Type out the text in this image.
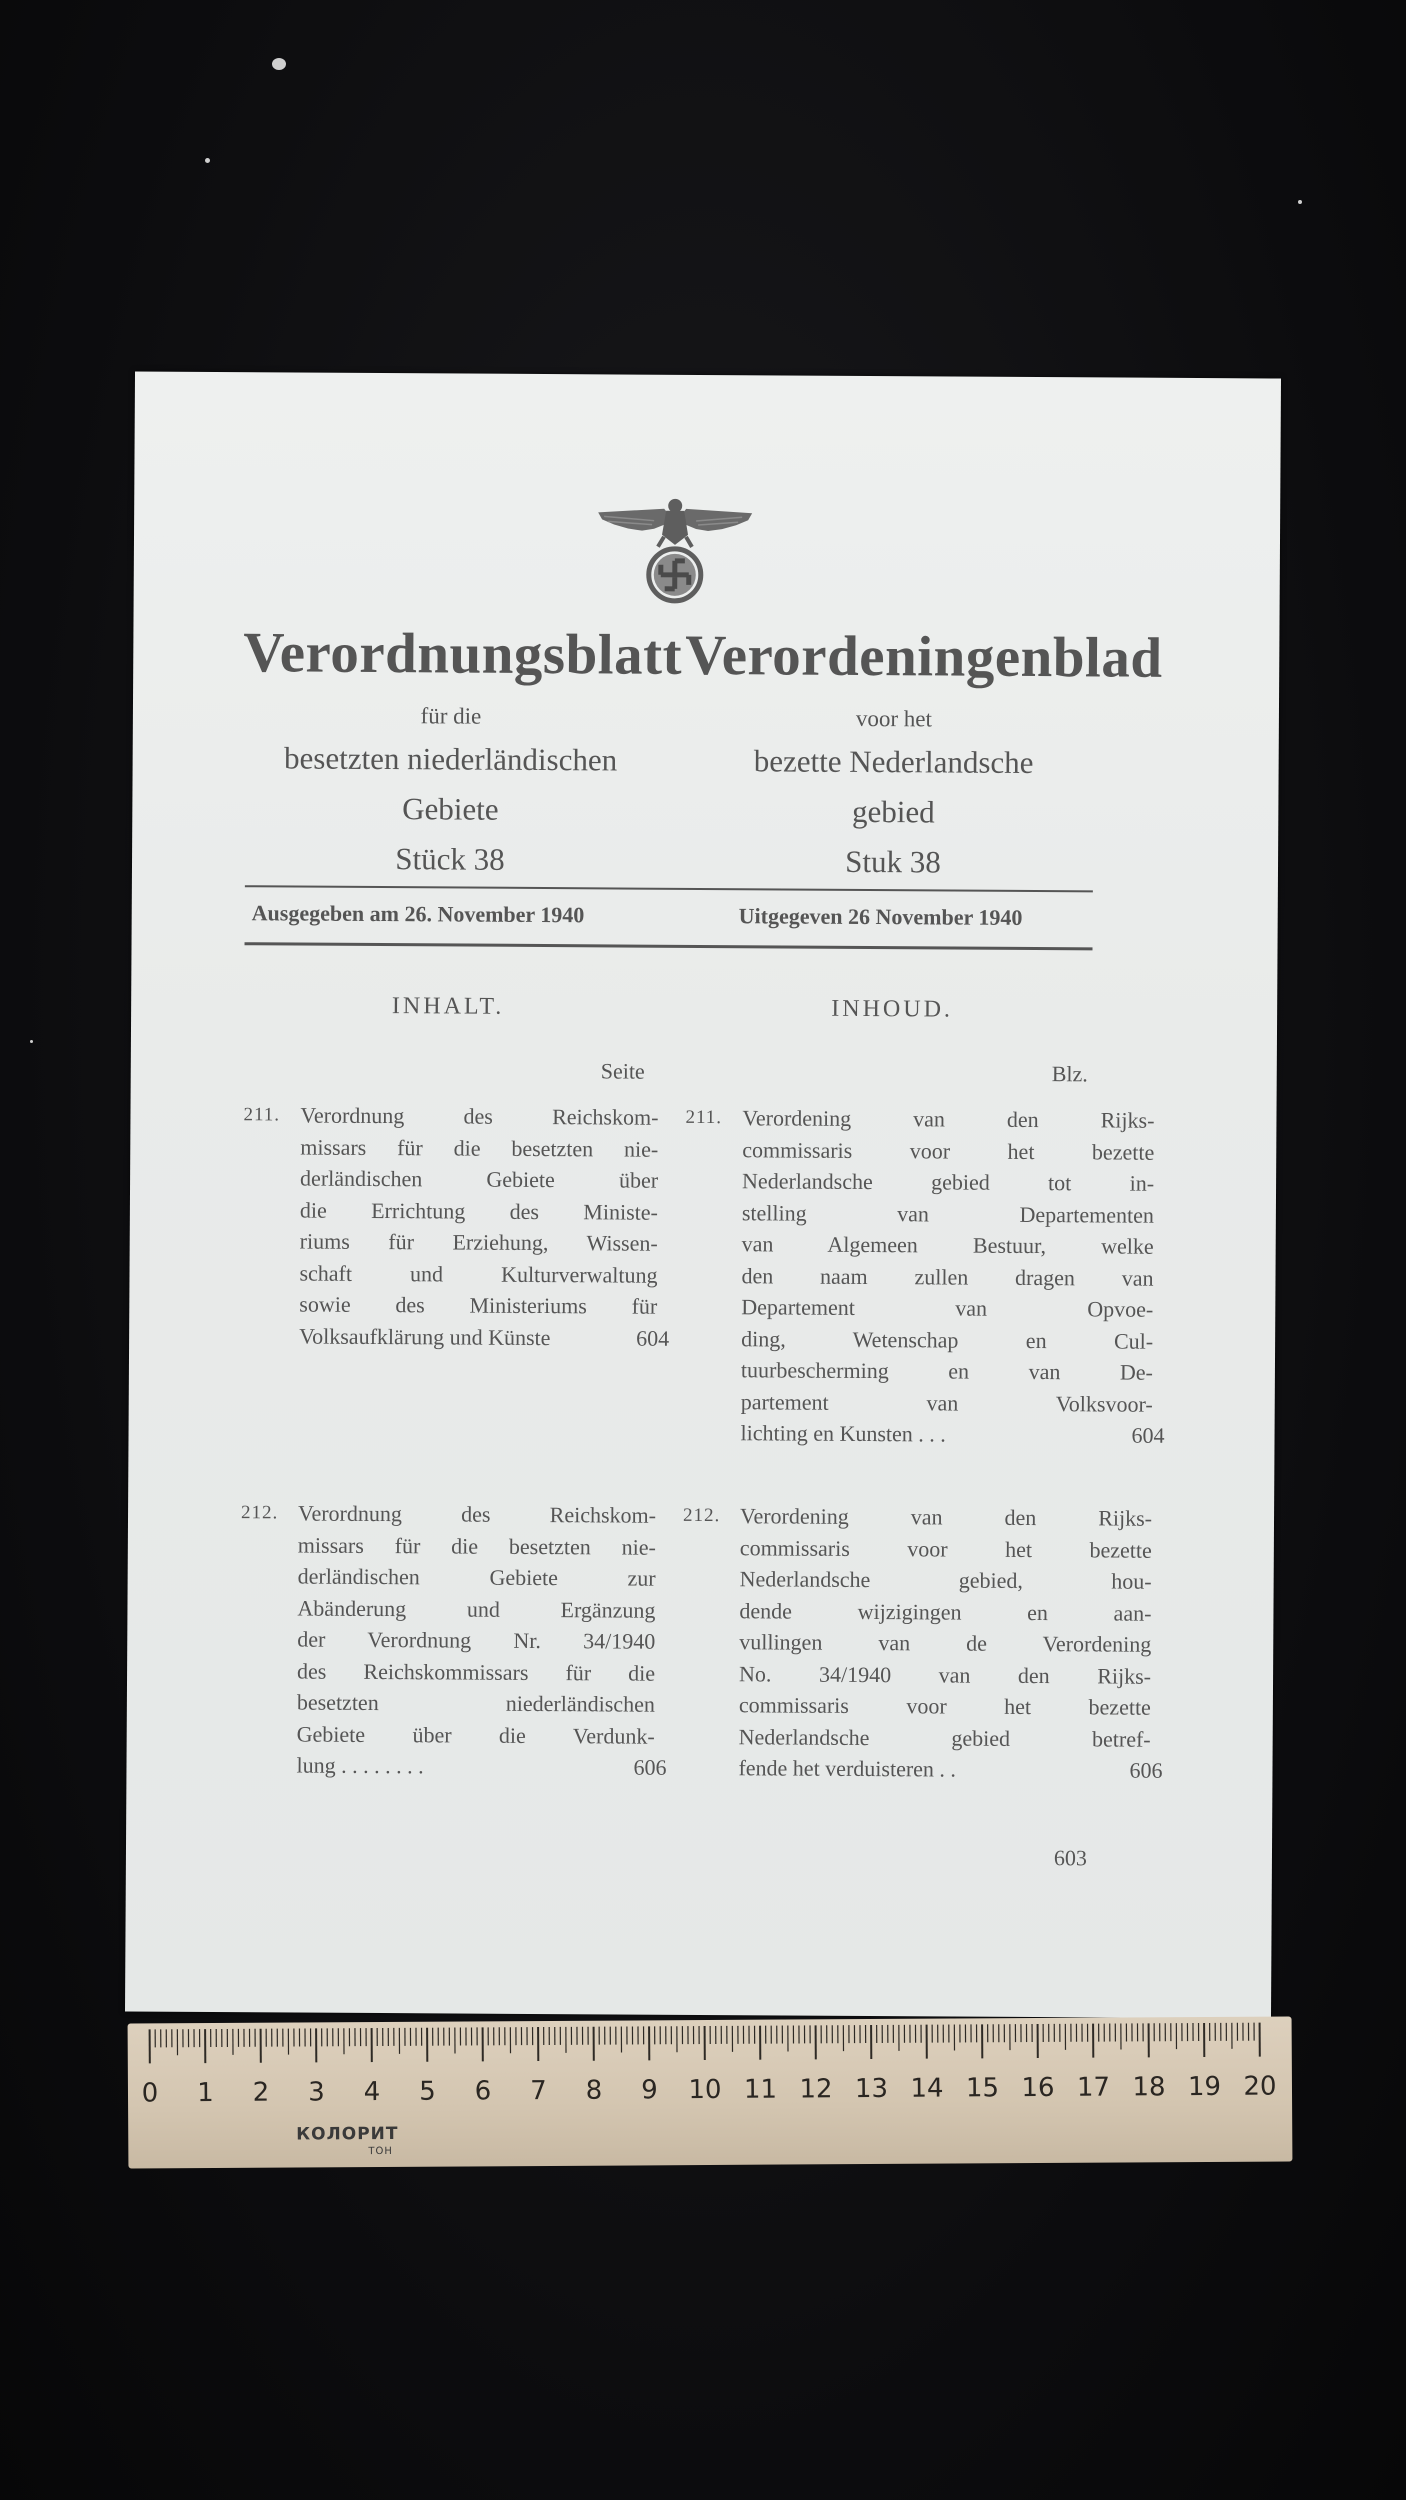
Verordnungsblatt Verordeningenblad
für die	voor het
besetzten niederländischen	bezette Nederlandsche
Gebiete	gebied
Stück 38	Stuk 38
Ausgegeben am 26. November 1940	Uitgegeven 26 November 1940
INHALT.	INHOUD.
Seite	Blz.
211. Verordnung des Reichskom-
missars für die besetzten nie-
derländischen Gebiete über
die Errichtung des Ministe-
riums für Erziehung, Wissen-
schaft und Kulturverwaltung
sowie des Ministeriums für
Volksaufklärung und Künste	604
211. Verordening van den Rijks-
commissaris voor het bezette
Nederlandsche gebied tot in-
stelling van Departementen
van Algemeen Bestuur, welke
den naam zullen dragen van
Departement van Opvoe-
ding, Wetenschap en Cul-
tuurbescherming en van De-
partement van Volksvoor-
lichting en Kunsten . . .	604
212. Verordnung des Reichskom-
missars für die besetzten nie-
derländischen Gebiete zur
Abänderung und Ergänzung
der Verordnung Nr. 34/1940
des Reichskommissars für die
besetzten niederländischen
Gebiete über die Verdunk-
lung . . . . . . . .	606
212. Verordening van den Rijks-
commissaris voor het bezette
Nederlandsche gebied, hou-
dende wijzigingen en aan-
vullingen van de Verordening
No. 34/1940 van den Rijks-
commissaris voor het bezette
Nederlandsche gebied betref-
fende het verduisteren . .	606
603
0 1 2 3 4 5 6 7 8 9 10 11 12 13 14 15 16 17 18 19 20
КОЛОРИТ
ТОН
